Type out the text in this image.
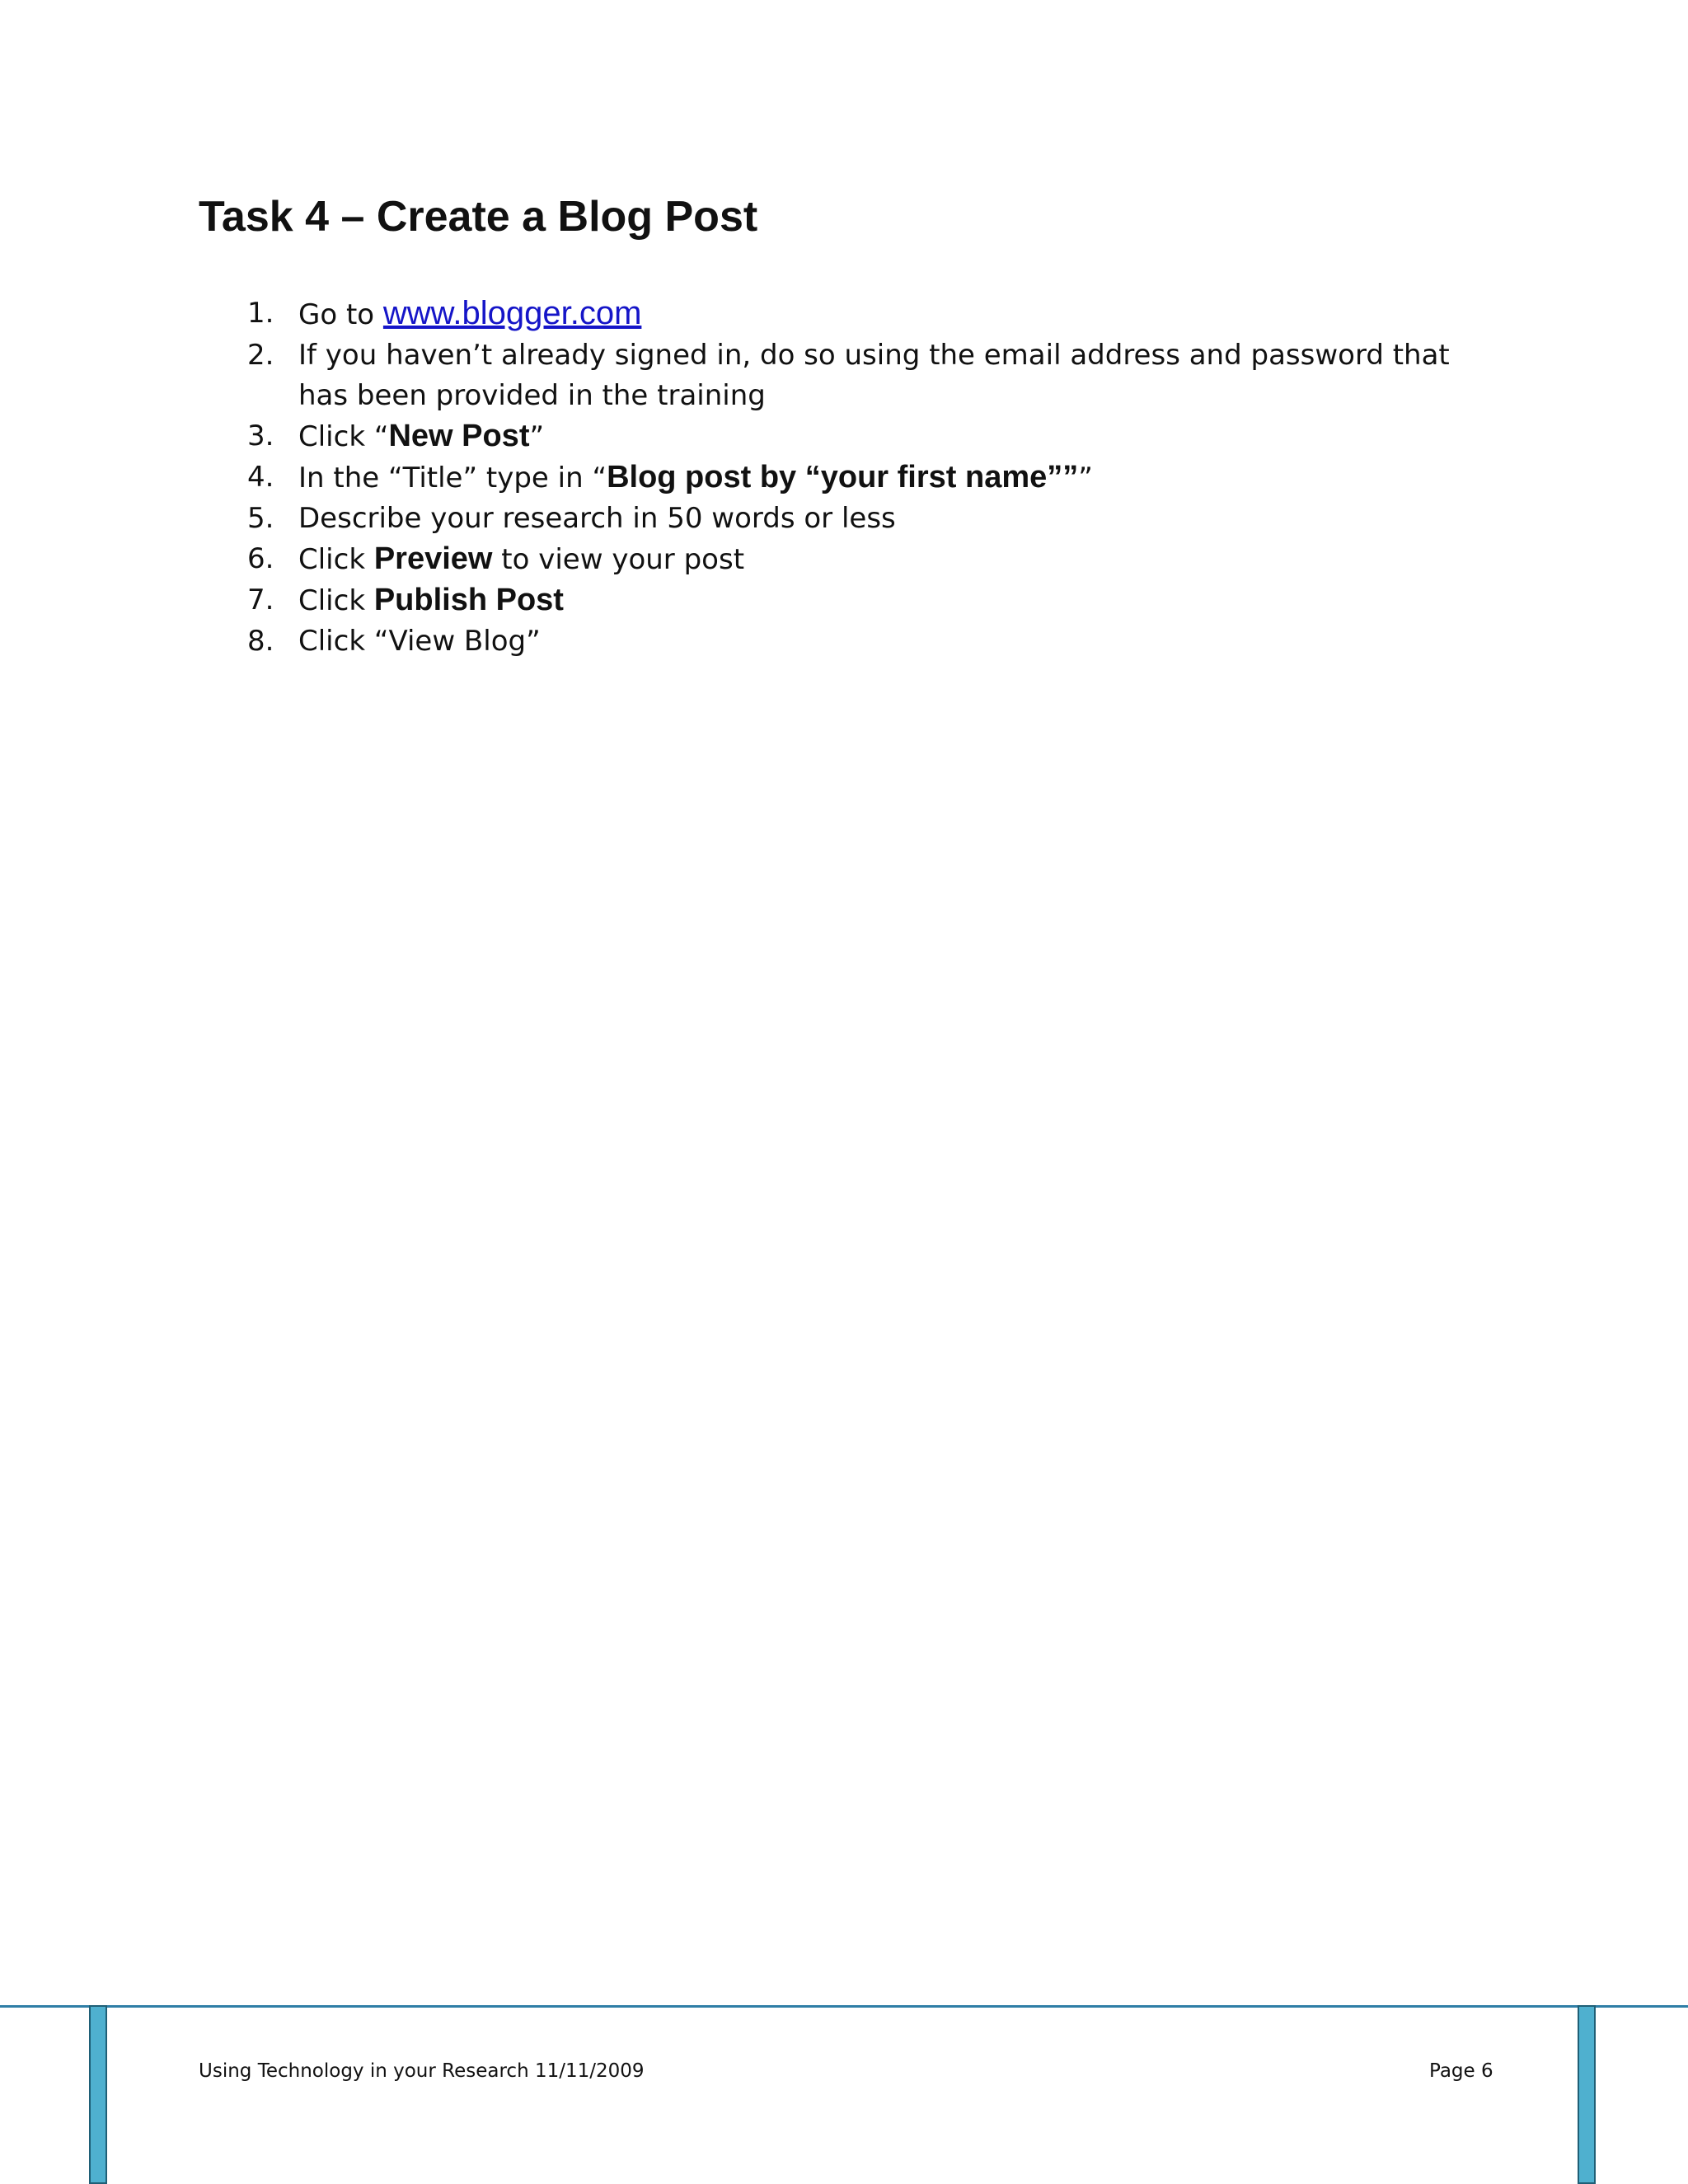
Task 4 – Create a Blog Post
1. Go to www.blogger.com
2. If you haven’t already signed in, do so using the email address and password that has been provided in the training
3. Click “New Post”
4. In the “Title” type in “Blog post by “your first name”””
5. Describe your research in 50 words or less
6. Click Preview to view your post
7. Click Publish Post
8. Click “View Blog”
Using Technology in your Research 11/11/2009	Page 6
